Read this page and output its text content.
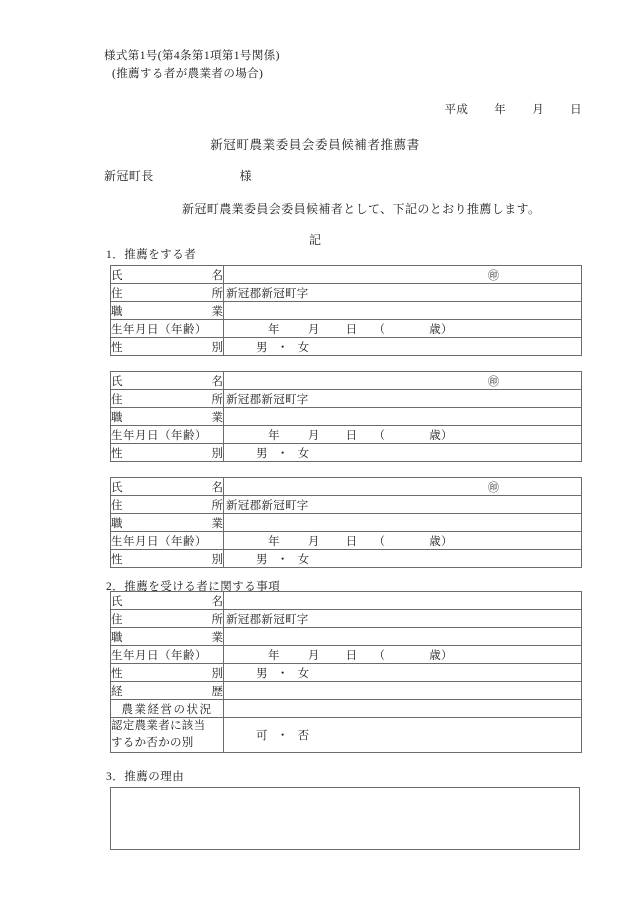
様式第1号(第4条第1項第1号関係)
(推薦する者が農業者の場合)
平成 年 月 日
新冠町農業委員会委員候補者推薦書
新冠町長	様
新冠町農業委員会委員候補者として、下記のとおり推薦します。
記
1．推薦をする者
氏 名	㊞

住 所	新冠郡新冠町字

職 業	

生年月日（年齢）	年 月 日 （ 歳）

性 別	男 ・ 女
氏 名	㊞

住 所	新冠郡新冠町字

職 業	

生年月日（年齢）	年 月 日 （ 歳）

性 別	男 ・ 女
氏 名	㊞

住 所	新冠郡新冠町字

職 業	

生年月日（年齢）	年 月 日 （ 歳）

性 別	男 ・ 女
2．推薦を受ける者に関する事項
氏 名	

住 所	新冠郡新冠町字

職 業	

生年月日（年齢）	年 月 日 （ 歳）

性 別	男 ・ 女

経 歴	

農業経営の状況	

認定農業者に該当
するか否かの別	可 ・ 否
3．推薦の理由
